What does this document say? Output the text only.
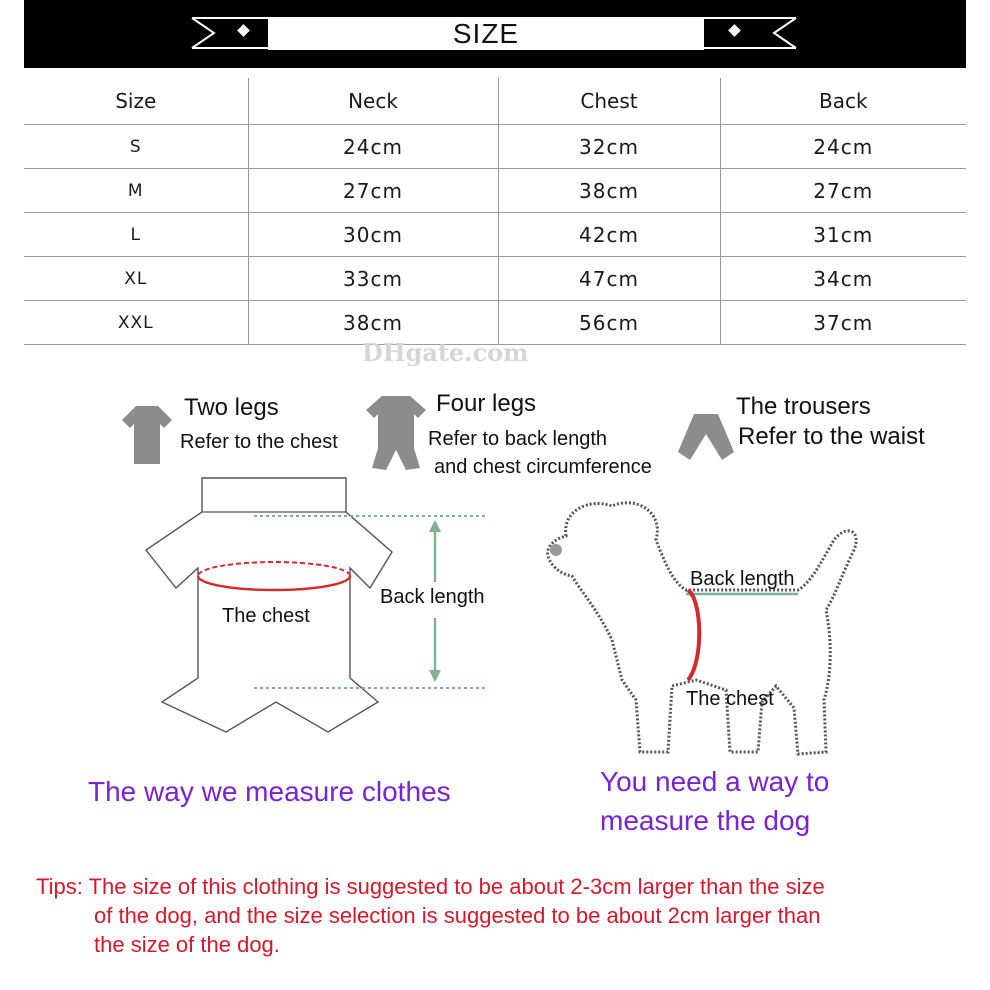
SIZE
Size	Neck	Chest	Back
S	24cm	32cm	24cm
M	27cm	38cm	27cm
L	30cm	42cm	31cm
XL	33cm	47cm	34cm
XXL	38cm	56cm	37cm
DHgate.com
Two legs
Refer to the chest
Four legs
Refer to back length
and chest circumference
The trousers
Refer to the waist
The chest
Back length
The way we measure clothes
Back length
The chest
You need a way to
measure the dog
Tips: The size of this clothing is suggested to be about 2-3cm larger than the size
of the dog, and the size selection is suggested to be about 2cm larger than
the size of the dog.
